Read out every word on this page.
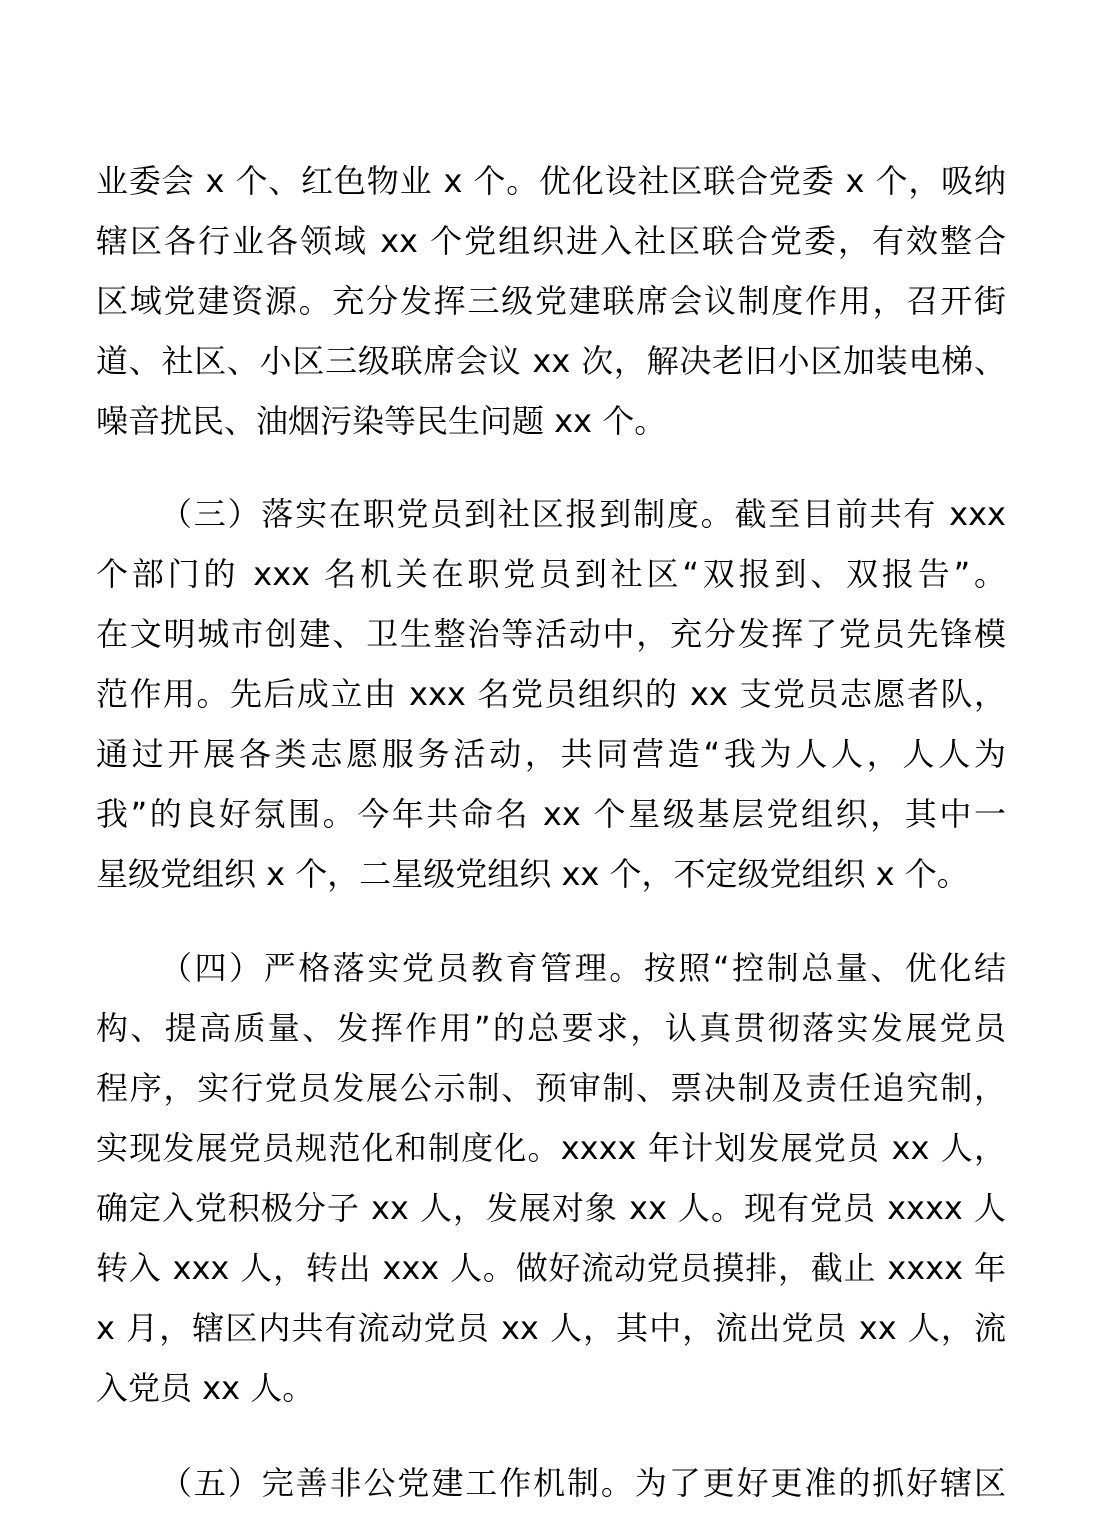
业委会 x 个、红色物业 x 个。优化设社区联合党委 x 个，吸纳
辖区各行业各领域 xx 个党组织进入社区联合党委，有效整合
区域党建资源。充分发挥三级党建联席会议制度作用，召开街
道、社区、小区三级联席会议 xx 次，解决老旧小区加装电梯、
噪音扰民、油烟污染等民生问题 xx 个。
（三）落实在职党员到社区报到制度。截至目前共有 xxx
个部门的 xxx 名机关在职党员到社区“双报到、双报告”。
在文明城市创建、卫生整治等活动中，充分发挥了党员先锋模
范作用。先后成立由 xxx 名党员组织的 xx 支党员志愿者队，
通过开展各类志愿服务活动，共同营造“我为人人，人人为
我”的良好氛围。今年共命名 xx 个星级基层党组织，其中一
星级党组织 x 个，二星级党组织 xx 个，不定级党组织 x 个。
（四）严格落实党员教育管理。按照“控制总量、优化结
构、提高质量、发挥作用”的总要求，认真贯彻落实发展党员
程序，实行党员发展公示制、预审制、票决制及责任追究制，
实现发展党员规范化和制度化。xxxx 年计划发展党员 xx 人，
确定入党积极分子 xx 人，发展对象 xx 人。现有党员 xxxx 人
转入 xxx 人，转出 xxx 人。做好流动党员摸排，截止 xxxx 年
x 月，辖区内共有流动党员 xx 人，其中，流出党员 xx 人，流
入党员 xx 人。
（五）完善非公党建工作机制。为了更好更准的抓好辖区
